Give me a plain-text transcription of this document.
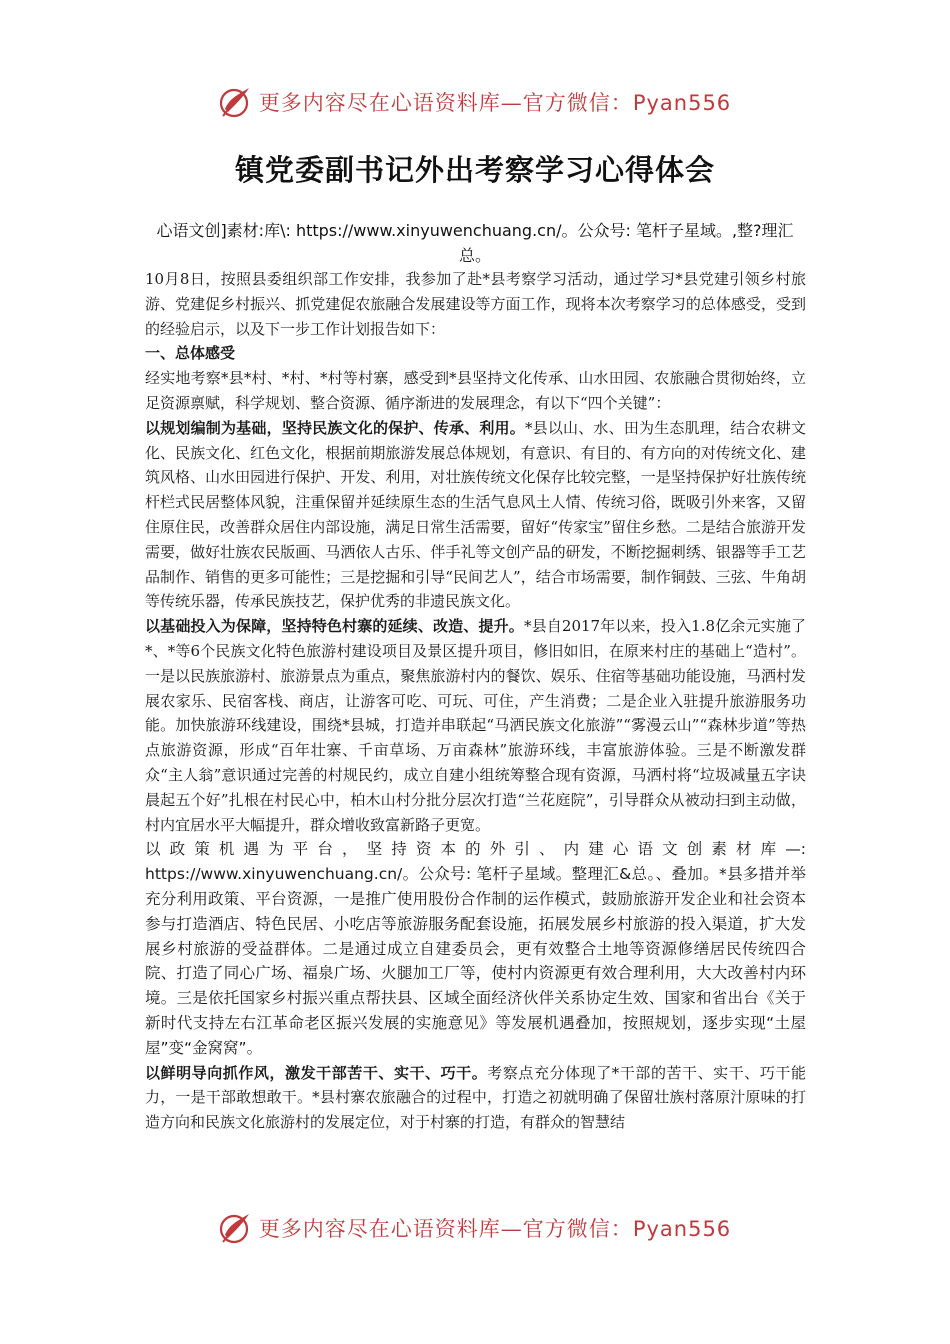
更多内容尽在心语资料库—官方微信：Pyan556
镇党委副书记外出考察学习心得体会
心语文创]素材:库\: https://www.xinyuwenchuang.cn/。公众号: 笔杆子星域。,整?理汇总。

10月8日，按照县委组织部工作安排，我参加了赴*县考察学习活动，通过学习*县党建引领乡村旅游、党建促乡村振兴、抓党建促农旅融合发展建设等方面工作，现将本次考察学习的总体感受，受到的经验启示，以及下一步工作计划报告如下：

一、总体感受

经实地考察*县*村、*村、*村等村寨，感受到*县坚持文化传承、山水田园、农旅融合贯彻始终，立足资源禀赋，科学规划、整合资源、循序渐进的发展理念，有以下“四个关键”：

以规划编制为基础，坚持民族文化的保护、传承、利用。*县以山、水、田为生态肌理，结合农耕文化、民族文化、红色文化，根据前期旅游发展总体规划，有意识、有目的、有方向的对传统文化、建筑风格、山水田园进行保护、开发、利用，对壮族传统文化保存比较完整，一是坚持保护好壮族传统杆栏式民居整体风貌，注重保留并延续原生态的生活气息风土人情、传统习俗，既吸引外来客，又留住原住民，改善群众居住内部设施，满足日常生活需要，留好“传家宝”留住乡愁。二是结合旅游开发需要，做好壮族农民版画、马洒依人古乐、伴手礼等文创产品的研发，不断挖掘刺绣、银器等手工艺品制作、销售的更多可能性；三是挖掘和引导“民间艺人”，结合市场需要，制作铜鼓、三弦、牛角胡等传统乐器，传承民族技艺，保护优秀的非遗民族文化。

以基础投入为保障，坚持特色村寨的延续、改造、提升。*县自2017年以来，投入1.8亿余元实施了*、*等6个民族文化特色旅游村建设项目及景区提升项目，修旧如旧，在原来村庄的基础上“造村”。一是以民族旅游村、旅游景点为重点，聚焦旅游村内的餐饮、娱乐、住宿等基础功能设施，马洒村发展农家乐、民宿客栈、商店，让游客可吃、可玩、可住，产生消费；二是企业入驻提升旅游服务功能。加快旅游环线建设，围绕*县城，打造并串联起“马洒民族文化旅游”“雾漫云山”“森林步道”等热点旅游资源，形成“百年壮寨、千亩草场、万亩森林”旅游环线，丰富旅游体验。三是不断激发群众“主人翁”意识通过完善的村规民约，成立自建小组统筹整合现有资源，马洒村将“垃圾减量五字诀晨起五个好”扎根在村民心中，柏木山村分批分层次打造“兰花庭院”，引导群众从被动扫到主动做，村内宜居水平大幅提升，群众增收致富新路子更宽。

以政策机遇为平台，坚持资本的外引、内建心语文创素材库—: https://www.xinyuwenchuang.cn/。公众号: 笔杆子星域。整理汇&总。、叠加。*县多措并举充分利用政策、平台资源，一是推广使用股份合作制的运作模式，鼓励旅游开发企业和社会资本参与打造酒店、特色民居、小吃店等旅游服务配套设施，拓展发展乡村旅游的投入渠道，扩大发展乡村旅游的受益群体。二是通过成立自建委员会，更有效整合土地等资源修缮居民传统四合院、打造了同心广场、福泉广场、火腿加工厂等，使村内资源更有效合理利用，大大改善村内环境。三是依托国家乡村振兴重点帮扶县、区域全面经济伙伴关系协定生效、国家和省出台《关于新时代支持左右江革命老区振兴发展的实施意见》等发展机遇叠加，按照规划，逐步实现“土屋屋”变“金窝窝”。

以鲜明导向抓作风，激发干部苦干、实干、巧干。考察点充分体现了*干部的苦干、实干、巧干能力，一是干部敢想敢干。*县村寨农旅融合的过程中，打造之初就明确了保留壮族村落原汁原味的打造方向和民族文化旅游村的发展定位，对于村寨的打造，有群众的智慧结

更多内容尽在心语资料库—官方微信：Pyan556
